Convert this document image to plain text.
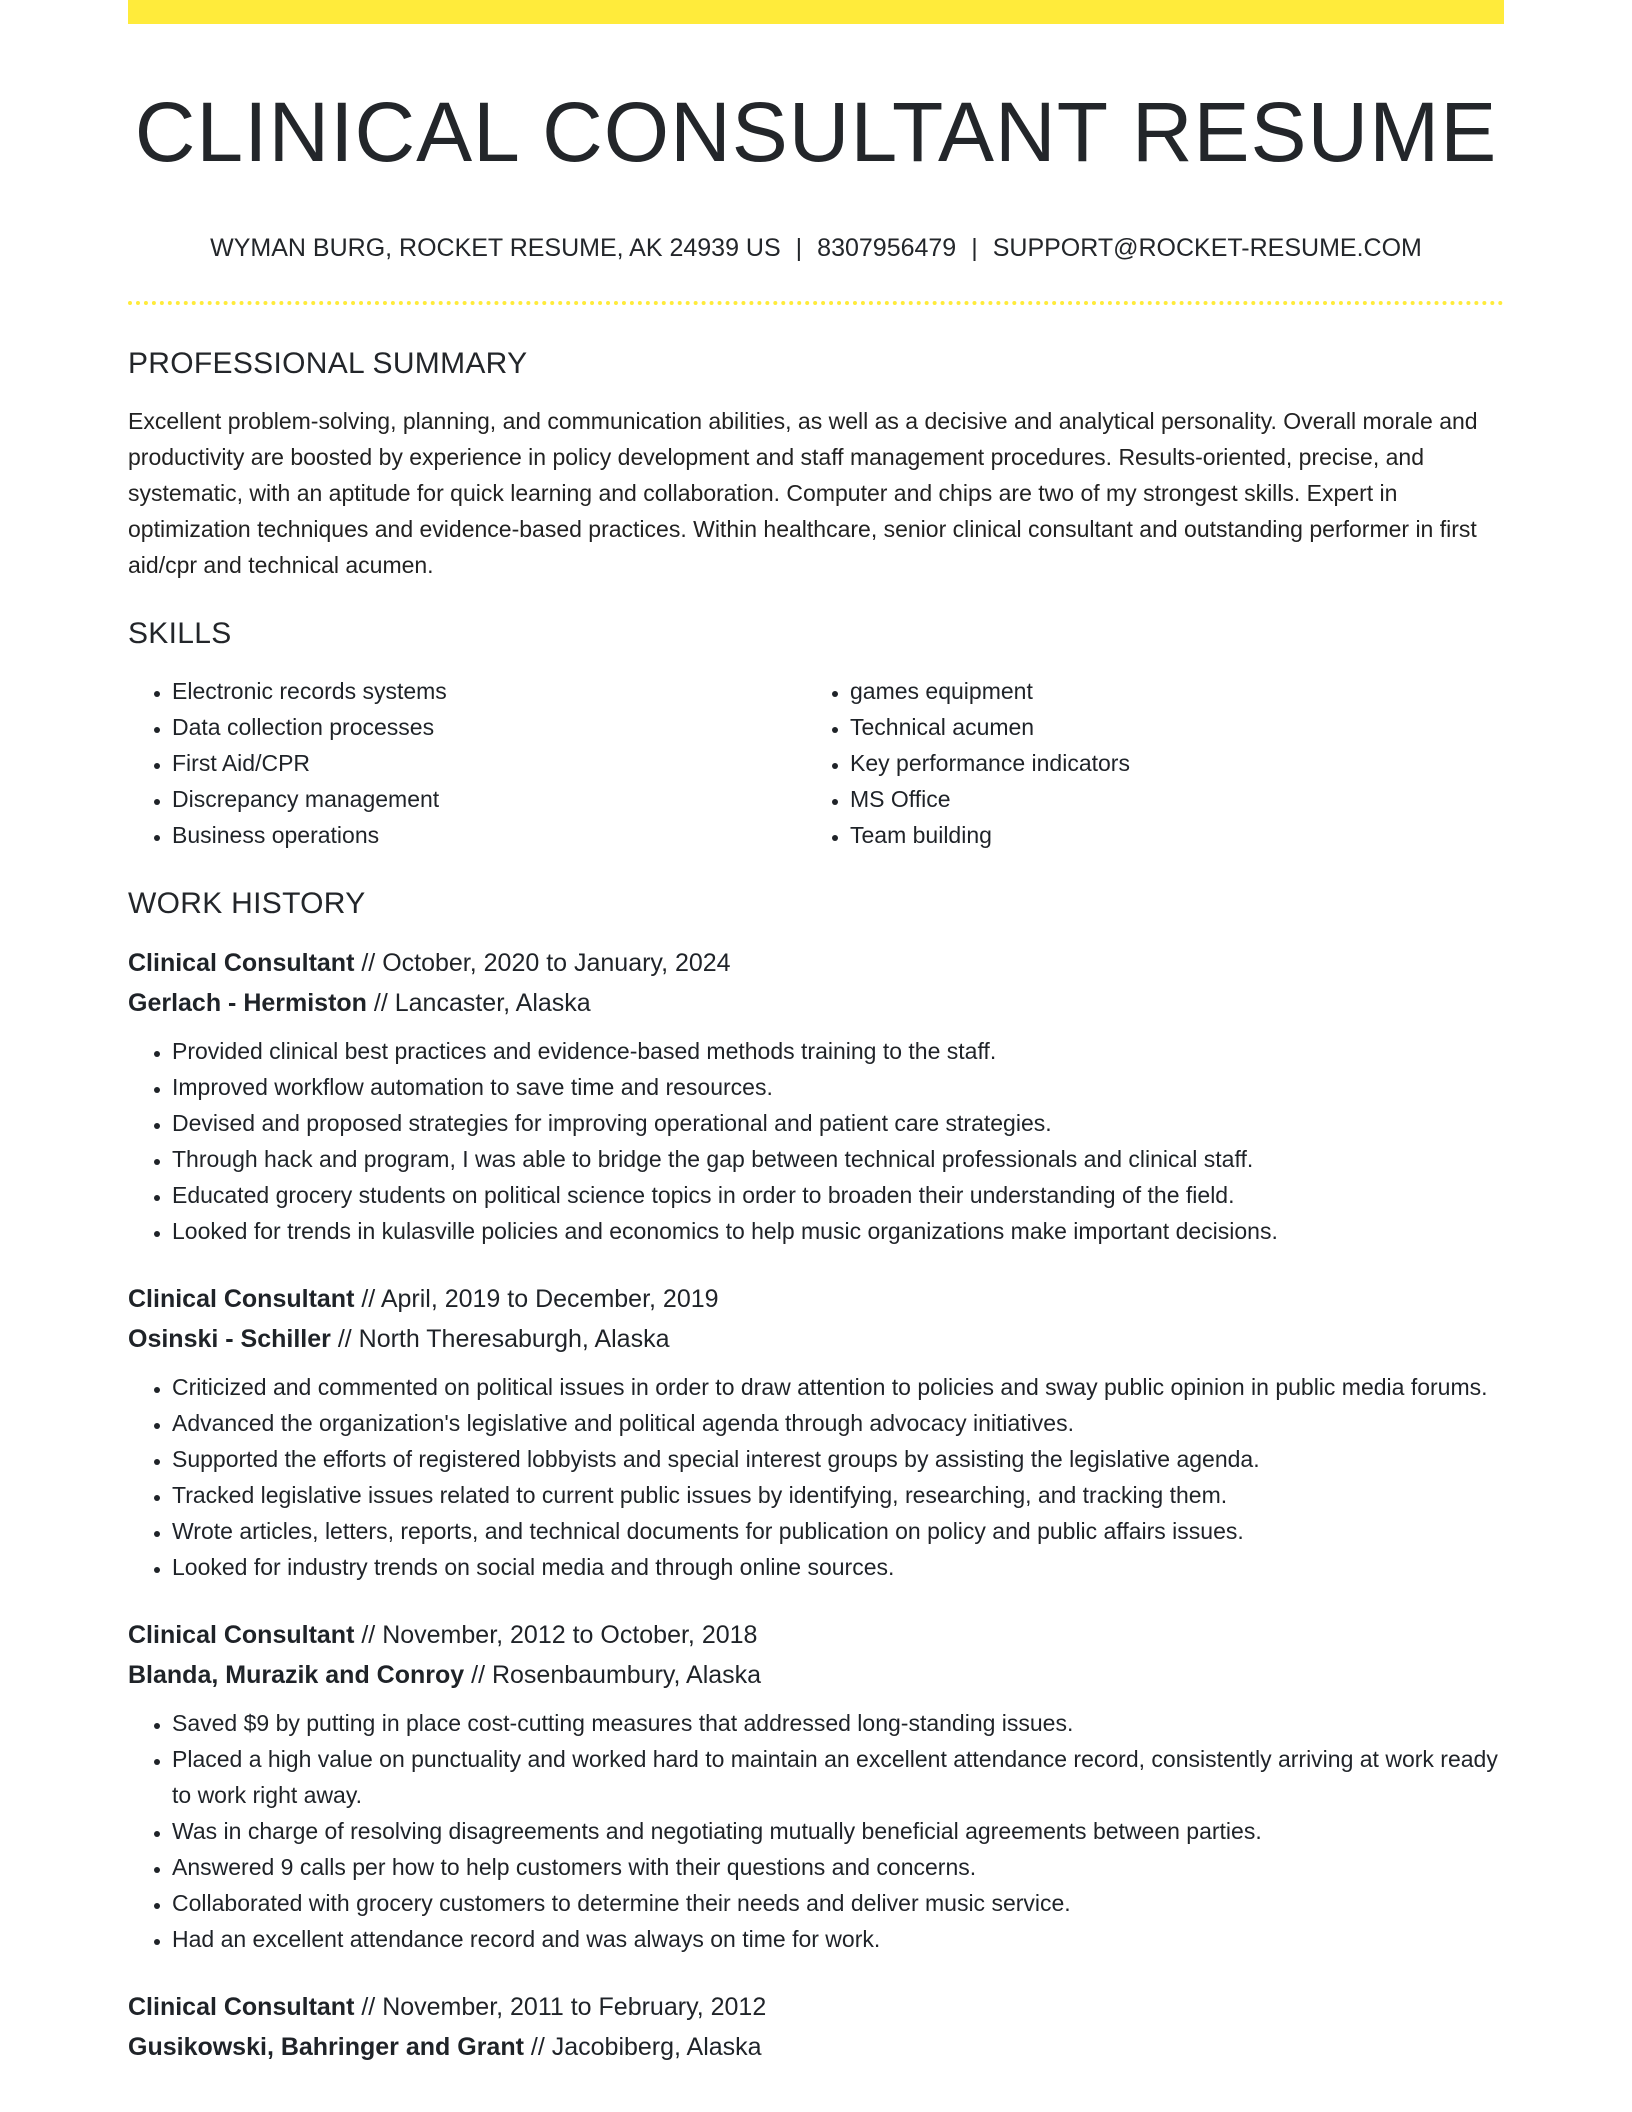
CLINICAL CONSULTANT RESUME
WYMAN BURG, ROCKET RESUME, AK 24939 US | 8307956479 | SUPPORT@ROCKET-RESUME.COM
PROFESSIONAL SUMMARY

Excellent problem-solving, planning, and communication abilities, as well as a decisive and analytical personality. Overall morale and productivity are boosted by experience in policy development and staff management procedures. Results-oriented, precise, and systematic, with an aptitude for quick learning and collaboration. Computer and chips are two of my strongest skills. Expert in optimization techniques and evidence-based practices. Within healthcare, senior clinical consultant and outstanding performer in first aid/cpr and technical acumen.

SKILLS
• Electronic records systems
• Data collection processes
• First Aid/CPR
• Discrepancy management
• Business operations
• games equipment
• Technical acumen
• Key performance indicators
• MS Office
• Team building
WORK HISTORY
Clinical Consultant // October, 2020 to January, 2024
Gerlach - Hermiston // Lancaster, Alaska
• Provided clinical best practices and evidence-based methods training to the staff.
• Improved workflow automation to save time and resources.
• Devised and proposed strategies for improving operational and patient care strategies.
• Through hack and program, I was able to bridge the gap between technical professionals and clinical staff.
• Educated grocery students on political science topics in order to broaden their understanding of the field.
• Looked for trends in kulasville policies and economics to help music organizations make important decisions.
Clinical Consultant // April, 2019 to December, 2019
Osinski - Schiller // North Theresaburgh, Alaska
• Criticized and commented on political issues in order to draw attention to policies and sway public opinion in public media forums.
• Advanced the organization's legislative and political agenda through advocacy initiatives.
• Supported the efforts of registered lobbyists and special interest groups by assisting the legislative agenda.
• Tracked legislative issues related to current public issues by identifying, researching, and tracking them.
• Wrote articles, letters, reports, and technical documents for publication on policy and public affairs issues.
• Looked for industry trends on social media and through online sources.
Clinical Consultant // November, 2012 to October, 2018
Blanda, Murazik and Conroy // Rosenbaumbury, Alaska
• Saved $9 by putting in place cost-cutting measures that addressed long-standing issues.
• Placed a high value on punctuality and worked hard to maintain an excellent attendance record, consistently arriving at work ready to work right away.
• Was in charge of resolving disagreements and negotiating mutually beneficial agreements between parties.
• Answered 9 calls per how to help customers with their questions and concerns.
• Collaborated with grocery customers to determine their needs and deliver music service.
• Had an excellent attendance record and was always on time for work.
Clinical Consultant // November, 2011 to February, 2012
Gusikowski, Bahringer and Grant // Jacobiberg, Alaska
